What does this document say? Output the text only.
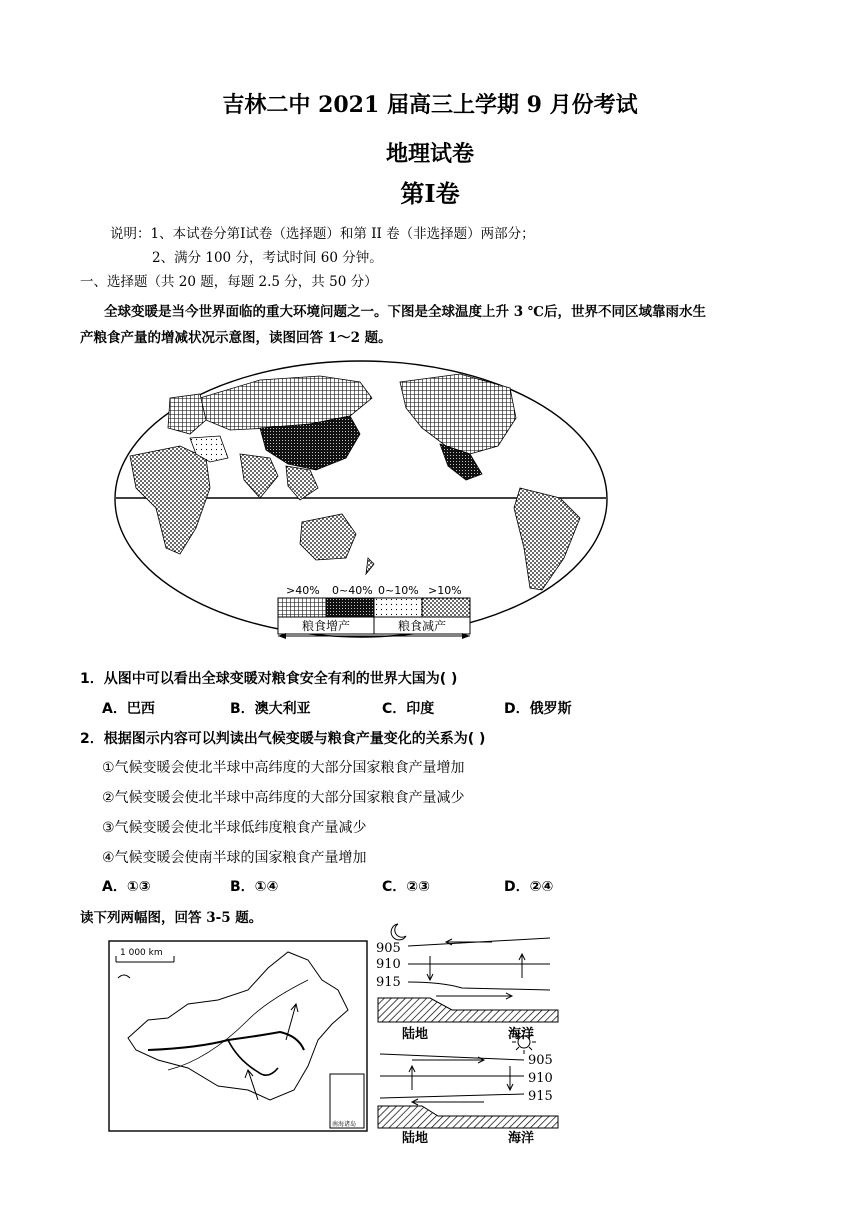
吉林二中 2021 届高三上学期 9 月份考试
地理试卷
第Ⅰ卷
说明：1、本试卷分第Ⅰ试卷（选择题）和第 II 卷（非选择题）两部分；
2、满分 100 分，考试时间 60 分钟。
一、选择题（共 20 题，每题 2.5 分，共 50 分）
全球变暖是当今世界面临的重大环境问题之一。下图是全球温度上升 3 ℃后，世界不同区域靠雨水生
产粮食产量的增减状况示意图，读图回答 1～2 题。
>40% 0~40% 0~10% >10%
粮食增产	粮食减产
1．从图中可以看出全球变暖对粮食安全有利的世界大国为( )
A．巴西	B．澳大利亚	C．印度	D．俄罗斯
2．根据图示内容可以判读出气候变暖与粮食产量变化的关系为( )
①气候变暖会使北半球中高纬度的大部分国家粮食产量增加
②气候变暖会使北半球中高纬度的大部分国家粮食产量减少
③气候变暖会使北半球低纬度粮食产量减少
④气候变暖会使南半球的国家粮食产量增加
A．①③	B．①④	C．②③	D．②④
读下列两幅图，回答 3-5 题。
1 000 km
南海诸岛
905
910
915
陆地	海洋
905
910
915
陆地	海洋
